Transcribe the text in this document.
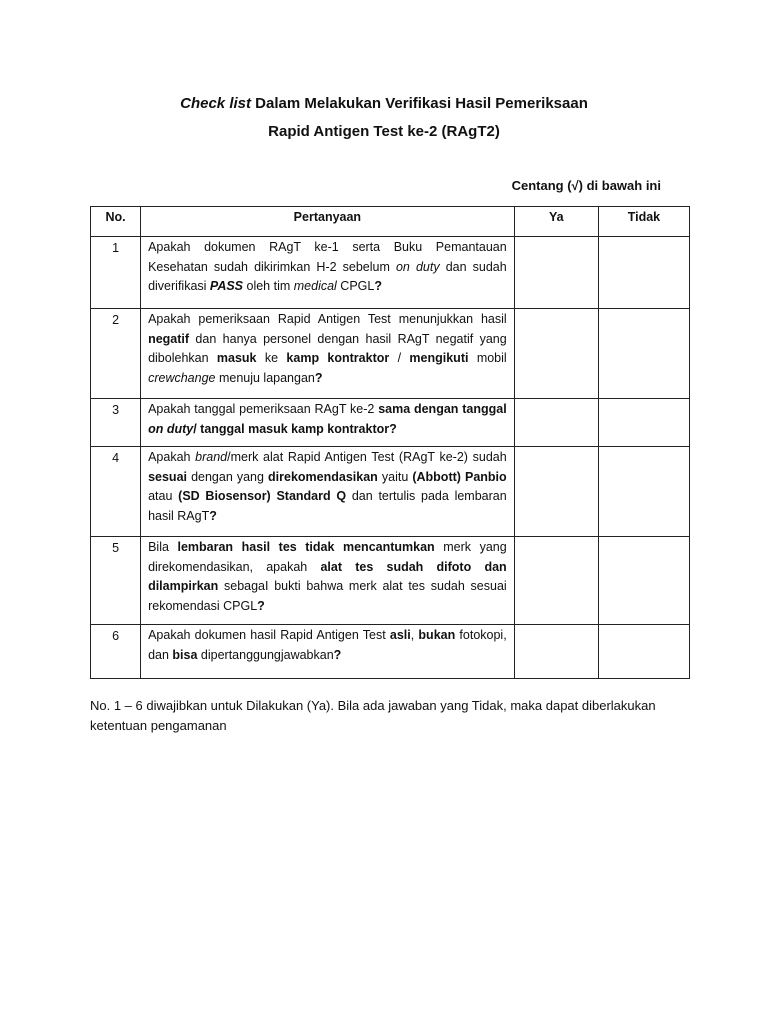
Check list Dalam Melakukan Verifikasi Hasil Pemeriksaan
Rapid Antigen Test ke-2 (RAgT2)
Centang (√) di bawah ini
No.	Pertanyaan	Ya	Tidak
1	Apakah dokumen RAgT ke-1 serta Buku Pemantauan Kesehatan sudah dikirimkan H-2 sebelum on duty dan sudah diverifikasi PASS oleh tim medical CPGL?		
2	Apakah pemeriksaan Rapid Antigen Test menunjukkan hasil negatif dan hanya personel dengan hasil RAgT negatif yang dibolehkan masuk ke kamp kontraktor / mengikuti mobil crewchange menuju lapangan?		
3	Apakah tanggal pemeriksaan RAgT ke-2 sama dengan tanggal on duty/ tanggal masuk kamp kontraktor?		
4	Apakah brand/merk alat Rapid Antigen Test (RAgT ke-2) sudah sesuai dengan yang direkomendasikan yaitu (Abbott) Panbio atau (SD Biosensor) Standard Q dan tertulis pada lembaran hasil RAgT?		
5	Bila lembaran hasil tes tidak mencantumkan merk yang direkomendasikan, apakah alat tes sudah difoto dan dilampirkan sebagaI bukti bahwa merk alat tes sudah sesuai rekomendasi CPGL?		
6	Apakah dokumen hasil Rapid Antigen Test asli, bukan fotokopi, dan bisa dipertanggungjawabkan?		
No. 1 – 6 diwajibkan untuk Dilakukan (Ya). Bila ada jawaban yang Tidak, maka dapat diberlakukan ketentuan pengamanan
